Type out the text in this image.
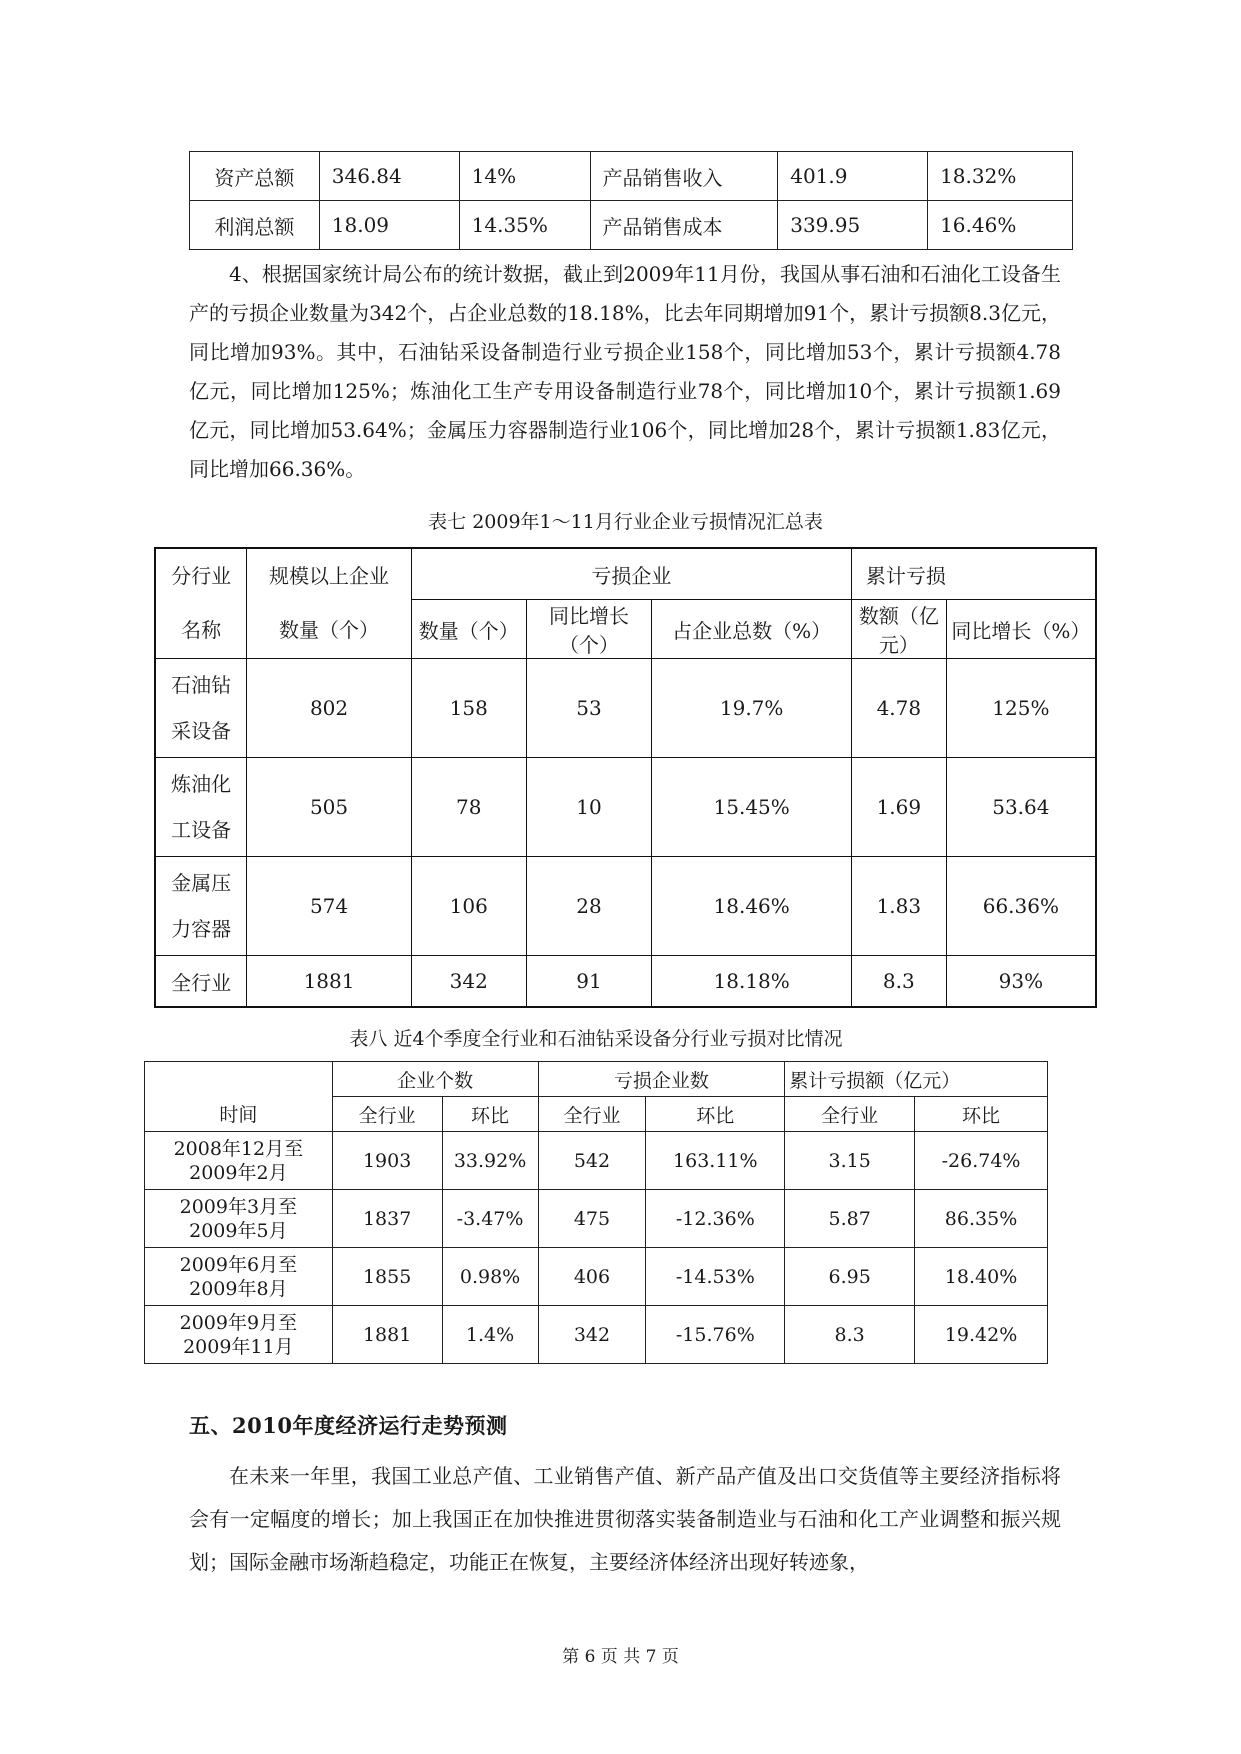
资产总额	346.84	14%	产品销售收入	401.9	18.32%
利润总额	18.09	14.35%	产品销售成本	339.95	16.46%

4、根据国家统计局公布的统计数据，截止到2009年11月份，我国从事石油和石油化工设备生产的亏损企业数量为342个，占企业总数的18.18%，比去年同期增加91个，累计亏损额8.3亿元，同比增加93%。其中，石油钻采设备制造行业亏损企业158个，同比增加53个，累计亏损额4.78亿元，同比增加125%；炼油化工生产专用设备制造行业78个，同比增加10个，累计亏损额1.69亿元，同比增加53.64%；金属压力容器制造行业106个，同比增加28个，累计亏损额1.83亿元，同比增加66.36%。

表七 2009年1～11月行业企业亏损情况汇总表
分行业	规模以上企业	亏损企业			累计亏损	
名称	数量（个）	数量（个）	同比增长（个）	占企业总数（%）	数额（亿元）	同比增长（%）
石油钻
采设备	802	158	53	19.7%	4.78	125%
炼油化
工设备	505	78	10	15.45%	1.69	53.64
金属压
力容器	574	106	28	18.46%	1.83	66.36%
全行业	1881	342	91	18.18%	8.3	93%
表八 近4个季度全行业和石油钻采设备分行业亏损对比情况
时间	企业个数		亏损企业数		累计亏损额（亿元）	
	全行业	环比	全行业	环比	全行业	环比
2008年12月至
2009年2月	1903	33.92%	542	163.11%	3.15	-26.74%
2009年3月至
2009年5月	1837	-3.47%	475	-12.36%	5.87	86.35%
2009年6月至
2009年8月	1855	0.98%	406	-14.53%	6.95	18.40%
2009年9月至
2009年11月	1881	1.4%	342	-15.76%	8.3	19.42%
五、2010年度经济运行走势预测

在未来一年里，我国工业总产值、工业销售产值、新产品产值及出口交货值等主要经济指标将会有一定幅度的增长；加上我国正在加快推进贯彻落实装备制造业与石油和化工产业调整和振兴规划；国际金融市场渐趋稳定，功能正在恢复，主要经济体经济出现好转迹象，

第 6 页 共 7 页
